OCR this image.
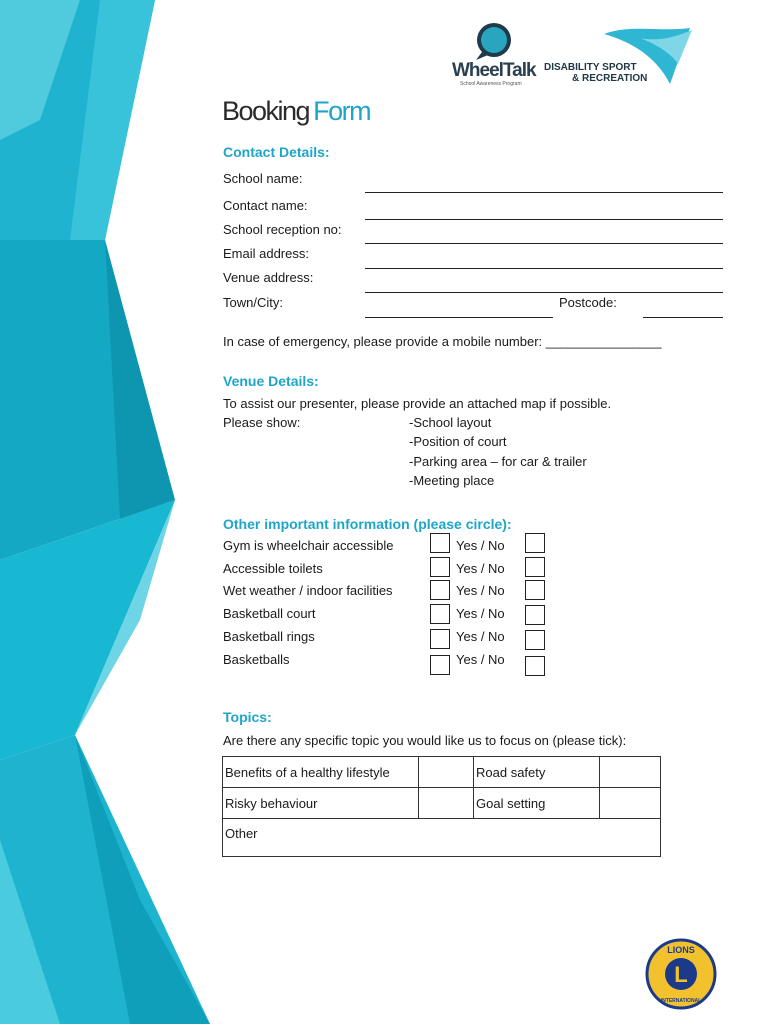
WheelTalk
School Awareness Program
DISABILITY SPORT
& RECREATION
Booking Form
Contact Details:
School name:
Contact name:
School reception no:
Email address:
Venue address:
Town/City:	Postcode:
In case of emergency, please provide a mobile number: ________________
Venue Details:
To assist our presenter, please provide an attached map if possible.
Please show:	-School layout
-Position of court
-Parking area – for car & trailer
-Meeting place
Other important information (please circle):
Gym is wheelchair accessible	Yes / No
Accessible toilets	Yes / No
Wet weather / indoor facilities	Yes / No
Basketball court	Yes / No
Basketball rings	Yes / No
Basketballs	Yes / No
Topics:
Are there any specific topic you would like us to focus on (please tick):
Benefits of a healthy lifestyle		Road safety	
Risky behaviour		Goal setting	
Other			
L
LIONS
INTERNATIONAL
